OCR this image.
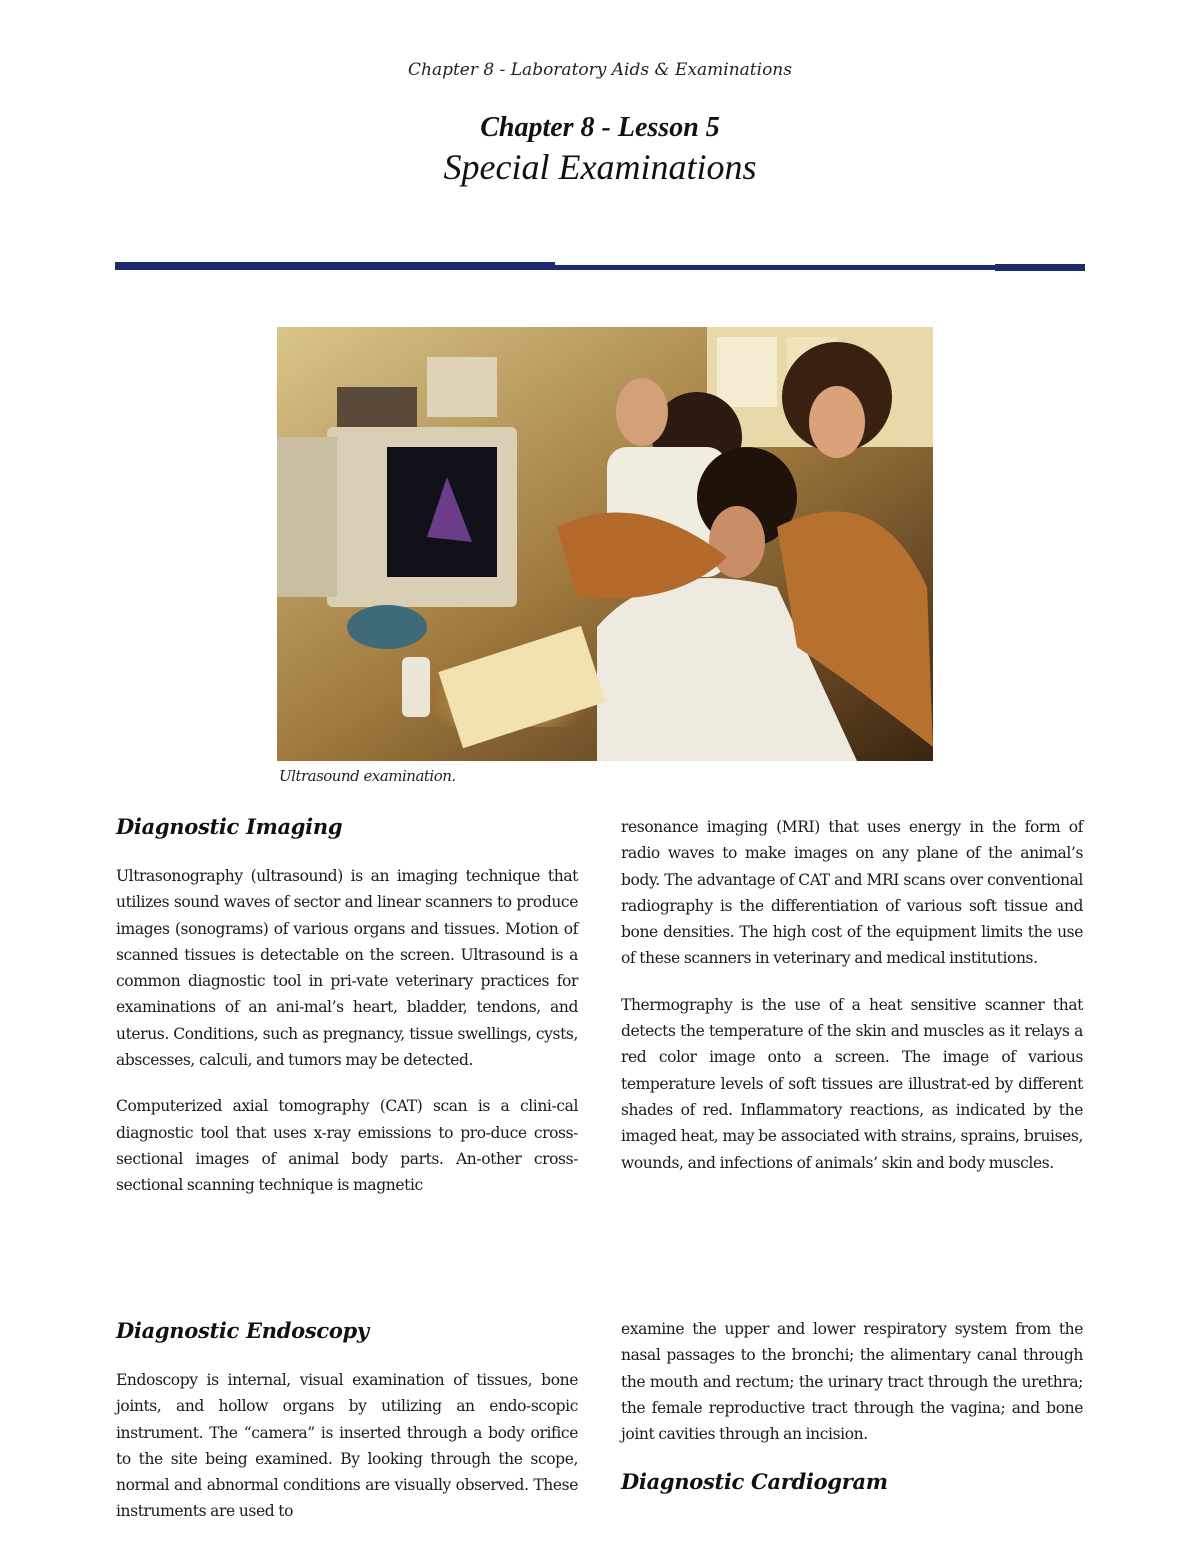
Chapter 8 - Laboratory Aids & Examinations
Chapter 8 - Lesson 5
Special Examinations
Ultrasound examination.
Diagnostic Imaging

Ultrasonography (ultrasound) is an imaging technique that utilizes sound waves of sector and linear scanners to produce images (sonograms) of various organs and tissues. Motion of scanned tissues is detectable on the screen. Ultrasound is a common diagnostic tool in pri-vate veterinary practices for examinations of an ani-mal’s heart, bladder, tendons, and uterus. Conditions, such as pregnancy, tissue swellings, cysts, abscesses, calculi, and tumors may be detected.

Computerized axial tomography (CAT) scan is a clini-cal diagnostic tool that uses x-ray emissions to pro-duce cross-sectional images of animal body parts. An-other cross-sectional scanning technique is magnetic

resonance imaging (MRI) that uses energy in the form of radio waves to make images on any plane of the animal’s body. The advantage of CAT and MRI scans over conventional radiography is the differentiation of various soft tissue and bone densities. The high cost of the equipment limits the use of these scanners in veterinary and medical institutions.

Thermography is the use of a heat sensitive scanner that detects the temperature of the skin and muscles as it relays a red color image onto a screen. The image of various temperature levels of soft tissues are illustrat-ed by different shades of red. Inflammatory reactions, as indicated by the imaged heat, may be associated with strains, sprains, bruises, wounds, and infections of animals’ skin and body muscles.

Diagnostic Endoscopy

Endoscopy is internal, visual examination of tissues, bone joints, and hollow organs by utilizing an endo-scopic instrument. The “camera” is inserted through a body orifice to the site being examined. By looking through the scope, normal and abnormal conditions are visually observed. These instruments are used to

examine the upper and lower respiratory system from the nasal passages to the bronchi; the alimentary canal through the mouth and rectum; the urinary tract through the urethra; the female reproductive tract through the vagina; and bone joint cavities through an incision.

Diagnostic Cardiogram
